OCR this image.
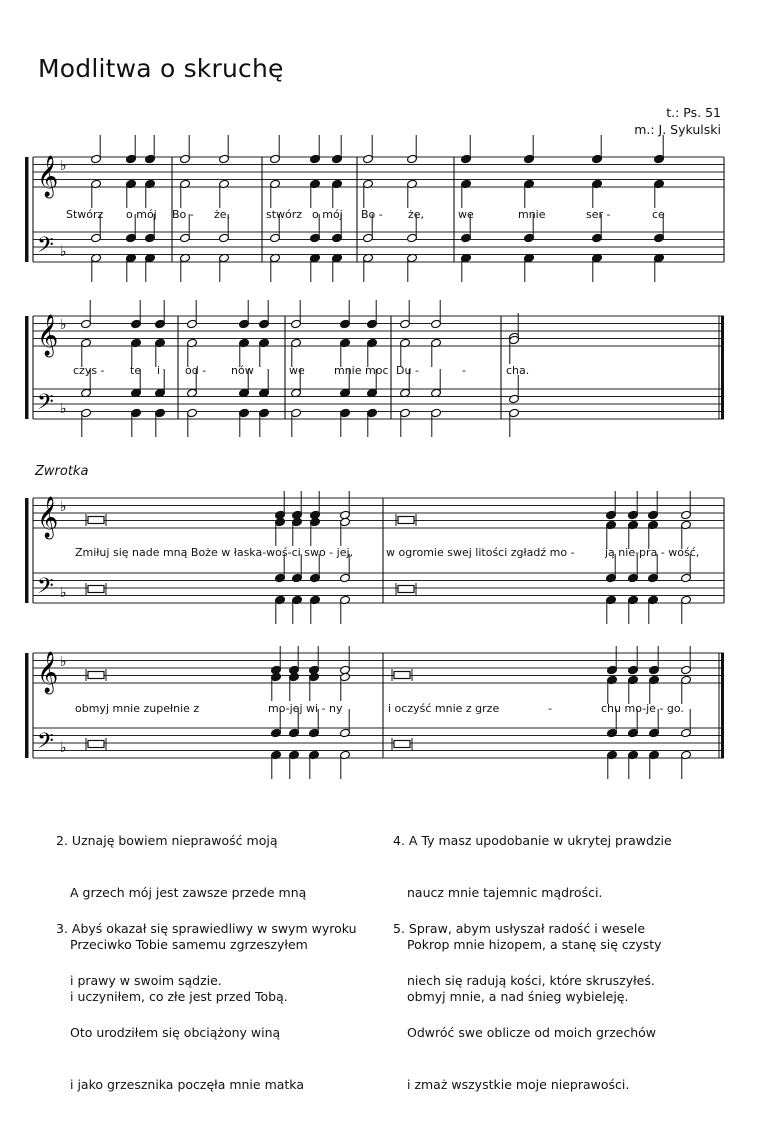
Modlitwa o skruchę
t.: Ps. 51
m.: J. Sykulski
Zwrotka
𝄞
𝄢
♭
♭
𝄞
𝄢
♭
♭
𝄞
𝄢
♭
♭
𝄞
𝄢
♭
♭
Stwórz o mój Bo - że,	stwórz o mój Bo - że,	we	mnie	ser -	ce
czys - te i od - nów	we	mnie moc Du -	-	cha.
Zmiłuj się nade mną Boże w łaska-woś-ci swo - jej,	w ogromie swej litości zgładź mo -	ją nie-pra - wość,
obmyj mnie zupełnie z	mo-jej wi - ny	i oczyść mnie z grze	-	chu mo-je - go.

2. Uznaję bowiem nieprawość moją

A grzech mój jest zawsze przede mną

Przeciwko Tobie samemu zgrzeszyłem

i uczyniłem, co złe jest przed Tobą.

3. Abyś okazał się sprawiedliwy w swym wyroku

i prawy w swoim sądzie.

Oto urodziłem się obciążony winą

i jako grzesznika poczęła mnie matka

4. A Ty masz upodobanie w ukrytej prawdzie

naucz mnie tajemnic mądrości.

Pokrop mnie hizopem, a stanę się czysty

obmyj mnie, a nad śnieg wybieleję.

5. Spraw, abym usłyszał radość i wesele

niech się radują kości, które skruszyłeś.

Odwróć swe oblicze od moich grzechów

i zmaż wszystkie moje nieprawości.
